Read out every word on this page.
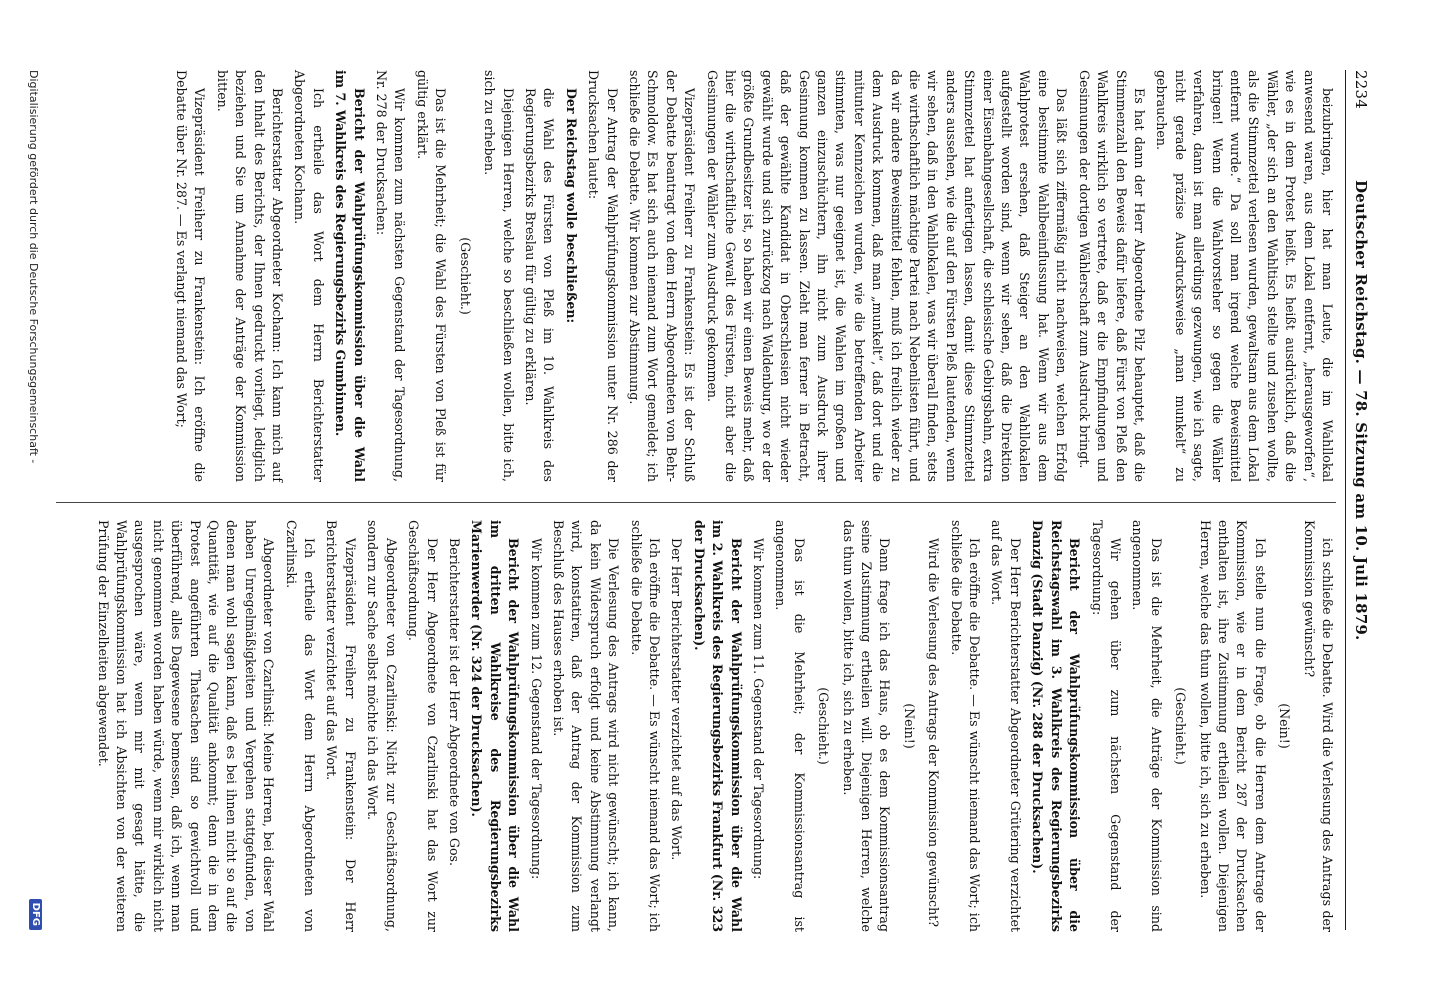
2234
Deutscher Reichstag. — 78. Sitzung am 10. Juli 1879.

beizubringen, hier hat man Leute, die im Wahllokal anwesend waren, aus dem Lokal entfernt, „herausgeworfen“, wie es in dem Protest heißt. Es heißt ausdrücklich, daß die Wähler, „der sich an den Wahltisch stellte und zusehen wollte, als die Stimmzettel verlesen wurden, gewaltsam aus dem Lokal entfernt wurde.“ Da soll man irgend welche Beweismittel bringen! Wenn die Wahlvorsteher so gegen die Wähler verfahren, dann ist man allerdings gezwungen, wie ich sagte, nicht gerade präzise Ausdrucksweise „man munkelt“ zu gebrauchen.

Es hat dann der Herr Abgeordnete Pilz behauptet, daß die Stimmenzahl den Beweis dafür liefere, daß Fürst von Pleß den Wahlkreis wirklich so vertrete, daß er die Empfindungen und Gesinnungen der dortigen Wählerschaft zum Ausdruck bringt.

Das läßt sich ziffermäßig nicht nachweisen, welchen Erfolg eine bestimmte Wahlbeeinflussung hat. Wenn wir aus dem Wahlprotest ersehen, daß Steiger an den Wahllokalen aufgestellt worden sind, wenn wir sehen, daß die Direktion einer Eisenbahngesellschaft, die schlesische Gebirgsbahn, extra Stimmzettel hat anfertigen lassen, damit diese Stimmzettel anders aussehen, wie die auf den Fürsten Pleß lautenden, wenn wir sehen, daß in den Wahllokalen, was wir überall finden, stets die wirthschaftlich mächtige Partei nach Nebenlisten führt, und da wir andere Beweismittel fehlen, muß ich freilich wieder zu dem Ausdruck kommen, daß man „munkelt“, daß dort und die mitunter Kennzeichen wurden, wie die betreffenden Arbeiter stimmten, was nur geeignet ist, die Wahlen im großen und ganzen einzuschüchtern, ihn nicht zum Ausdruck ihrer Gesinnung kommen zu lassen. Zieht man ferner in Betracht, daß der gewählte Kandidat in Oberschlesien nicht wieder gewählt wurde und sich zurückzog nach Waldenburg, wo er der größte Grundbesitzer ist, so haben wir einen Beweis mehr, daß hier die wirthschaftliche Gewalt des Fürsten, nicht aber die Gesinnungen der Wähler zum Ausdruck gekommen.

Vizepräsident Freiherr zu Frankenstein: Es ist der Schluß der Debatte beantragt von dem Herrn Abgeordneten von Behr-Schmoldow. Es hat sich auch niemand zum Wort gemeldet; ich schließe die Debatte. Wir kommen zur Abstimmung.

Der Antrag der Wahlprüfungskommission unter Nr. 286 der Drucksachen lautet:

Der Reichstag wolle beschließen:

die Wahl des Fürsten von Pleß im 10. Wahlkreis des Regierungsbezirks Breslau für gültig zu erklären.

Diejenigen Herren, welche so beschließen wollen, bitte ich, sich zu erheben.

(Geschieht.)

Das ist die Mehrheit; die Wahl des Fürsten von Pleß ist für gültig erklärt.

Wir kommen zum nächsten Gegenstand der Tagesordnung, Nr. 278 der Drucksachen:

Bericht der Wahlprüfungskommission über die Wahl im 7. Wahlkreis des Regierungsbezirks Gumbinnen.

Ich ertheile das Wort dem Herrn Berichterstatter Abgeordneten Kochann.

Berichterstatter Abgeordneter Kochann: Ich kann mich auf den Inhalt des Berichts, der Ihnen gedruckt vorliegt, lediglich beziehen und Sie um Annahme der Anträge der Kommission bitten.

Vizepräsident Freiherr zu Frankenstein: Ich eröffne die Debatte über Nr. 287. — Es verlangt niemand das Wort;

ich schließe die Debatte. Wird die Verlesung des Antrags der Kommission gewünscht?

(Nein!)

Ich stelle nun die Frage, ob die Herren dem Antrage der Kommission, wie er in dem Bericht 287 der Drucksachen enthalten ist, ihre Zustimmung ertheilen wollen. Diejenigen Herren, welche das thun wollen, bitte ich, sich zu erheben.

(Geschieht.)

Das ist die Mehrheit, die Anträge der Kommission sind angenommen.

Wir gehen über zum nächsten Gegenstand der Tagesordnung:

Bericht der Wahlprüfungskommission über die Reichstagswahl im 3. Wahlkreis des Regierungsbezirks Danzig (Stadt Danzig) (Nr. 288 der Drucksachen).

Der Herr Berichterstatter Abgeordneter Grütering verzichtet auf das Wort.

Ich eröffne die Debatte. — Es wünscht niemand das Wort; ich schließe die Debatte.

Wird die Verlesung des Antrags der Kommission gewünscht?

(Nein!)

Dann frage ich das Haus, ob es dem Kommissionsantrag seine Zustimmung ertheilen will. Diejenigen Herren, welche das thun wollen, bitte ich, sich zu erheben.

(Geschieht.)

Das ist die Mehrheit; der Kommissionsantrag ist angenommen.

Wir kommen zum 11. Gegenstand der Tagesordnung:

Bericht der Wahlprüfungskommission über die Wahl im 2. Wahlkreis des Regierungsbezirks Frankfurt (Nr. 323 der Drucksachen).

Der Herr Berichterstatter verzichtet auf das Wort.

Ich eröffne die Debatte. — Es wünscht niemand das Wort; ich schließe die Debatte.

Die Verlesung des Antrags wird nicht gewünscht; ich kann, da kein Widerspruch erfolgt und keine Abstimmung verlangt wird, konstatiren, daß der Antrag der Kommission zum Beschluß des Hauses erhoben ist.

Wir kommen zum 12. Gegenstand der Tagesordnung:

Bericht der Wahlprüfungskommission über die Wahl im dritten Wahlkreise des Regierungsbezirks Marienwerder (Nr. 324 der Drucksachen).

Berichterstatter ist der Herr Abgeordnete von Gos.

Der Herr Abgeordnete von Czarlinski hat das Wort zur Geschäftsordnung.

Abgeordneter von Czarlinski: Nicht zur Geschäftsordnung, sondern zur Sache selbst möchte ich das Wort.

Vizepräsident Freiherr zu Frankenstein: Der Herr Berichterstatter verzichtet auf das Wort.

Ich ertheile das Wort dem Herrn Abgeordneten von Czarlinski.

Abgeordneter von Czarlinski: Meine Herren, bei dieser Wahl haben Unregelmäßigkeiten und Vergehen stattgefunden, von denen man wohl sagen kann, daß es bei ihnen nicht so auf die Quantität, wie auf die Qualität ankommt; denn die in dem Protest angeführten Thatsachen sind so gewichtvoll und überführend, alles Dagewesene bemessen, daß ich, wenn man nicht genommen worden haben würde, wenn mir wirklich nicht ausgesprochen wäre, wenn mir mit gesagt hätte, die Wahlprüfungskommission hat ich Absichten von der weiteren Prüfung der Einzelheiten abgewendet.

Digitalisierung gefördert durch die Deutsche Forschungsgemeinschaft -
DFG
